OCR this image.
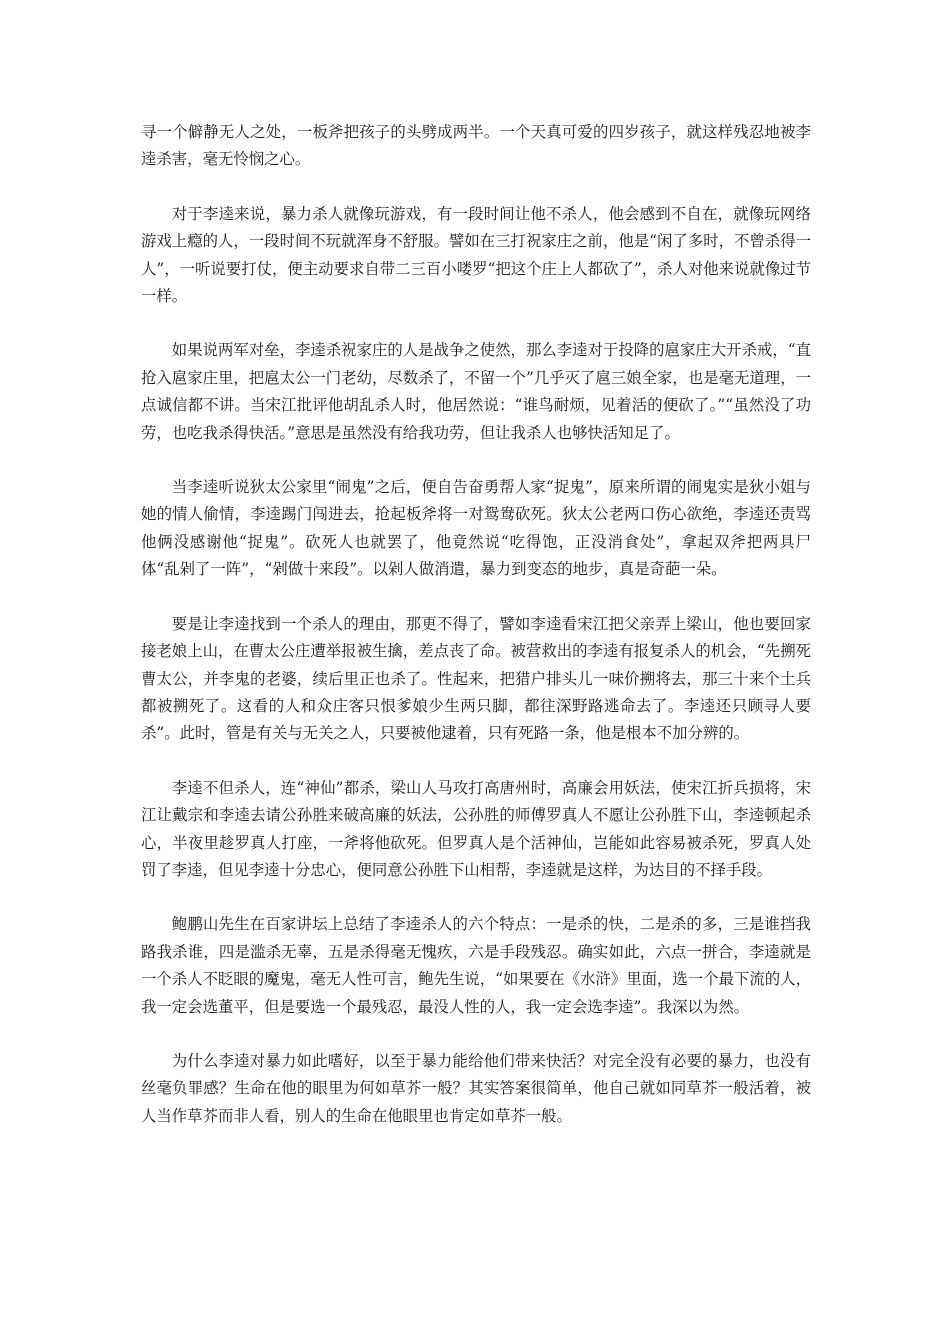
寻一个僻静无人之处，一板斧把孩子的头劈成两半。一个天真可爱的四岁孩子，就这样残忍地被李逵杀害，毫无怜悯之心。

对于李逵来说，暴力杀人就像玩游戏，有一段时间让他不杀人，他会感到不自在，就像玩网络游戏上瘾的人，一段时间不玩就浑身不舒服。譬如在三打祝家庄之前，他是“闲了多时，不曾杀得一人”，一听说要打仗，便主动要求自带二三百小喽罗“把这个庄上人都砍了”，杀人对他来说就像过节一样。

如果说两军对垒，李逵杀祝家庄的人是战争之使然，那么李逵对于投降的扈家庄大开杀戒，“直抢入扈家庄里，把扈太公一门老幼，尽数杀了，不留一个”几乎灭了扈三娘全家，也是毫无道理，一点诚信都不讲。当宋江批评他胡乱杀人时，他居然说：“谁鸟耐烦，见着活的便砍了。”“虽然没了功劳，也吃我杀得快活。”意思是虽然没有给我功劳，但让我杀人也够快活知足了。

当李逵听说狄太公家里“闹鬼”之后，便自告奋勇帮人家“捉鬼”，原来所谓的闹鬼实是狄小姐与她的情人偷情，李逵踢门闯进去，抢起板斧将一对鸳鸯砍死。狄太公老两口伤心欲绝，李逵还责骂他俩没感谢他“捉鬼”。砍死人也就罢了，他竟然说“吃得饱，正没消食处”，拿起双斧把两具尸体“乱剁了一阵”，“剁做十来段”。以剁人做消遣，暴力到变态的地步，真是奇葩一朵。

要是让李逵找到一个杀人的理由，那更不得了，譬如李逵看宋江把父亲弄上梁山，他也要回家接老娘上山，在曹太公庄遭举报被生擒，差点丧了命。被营救出的李逵有报复杀人的机会，“先搠死曹太公，并李鬼的老婆，续后里正也杀了。性起来，把猎户排头儿一味价搠将去，那三十来个土兵都被搠死了。这看的人和众庄客只恨爹娘少生两只脚，都往深野路逃命去了。李逵还只顾寻人要杀”。此时，管是有关与无关之人，只要被他逮着，只有死路一条，他是根本不加分辨的。

李逵不但杀人，连“神仙”都杀，梁山人马攻打高唐州时，高廉会用妖法，使宋江折兵损将，宋江让戴宗和李逵去请公孙胜来破高廉的妖法，公孙胜的师傅罗真人不愿让公孙胜下山，李逵顿起杀心，半夜里趁罗真人打座，一斧将他砍死。但罗真人是个活神仙，岂能如此容易被杀死，罗真人处罚了李逵，但见李逵十分忠心，便同意公孙胜下山相帮，李逵就是这样，为达目的不择手段。

鲍鹏山先生在百家讲坛上总结了李逵杀人的六个特点：一是杀的快，二是杀的多，三是谁挡我路我杀谁，四是滥杀无辜，五是杀得毫无愧疚，六是手段残忍。确实如此，六点一拼合，李逵就是一个杀人不眨眼的魔鬼，毫无人性可言，鲍先生说，“如果要在《水浒》里面，选一个最下流的人，我一定会选董平，但是要选一个最残忍，最没人性的人，我一定会选李逵”。我深以为然。

为什么李逵对暴力如此嗜好，以至于暴力能给他们带来快活？对完全没有必要的暴力，也没有丝毫负罪感？生命在他的眼里为何如草芥一般？其实答案很简单，他自己就如同草芥一般活着，被人当作草芥而非人看，别人的生命在他眼里也肯定如草芥一般。
